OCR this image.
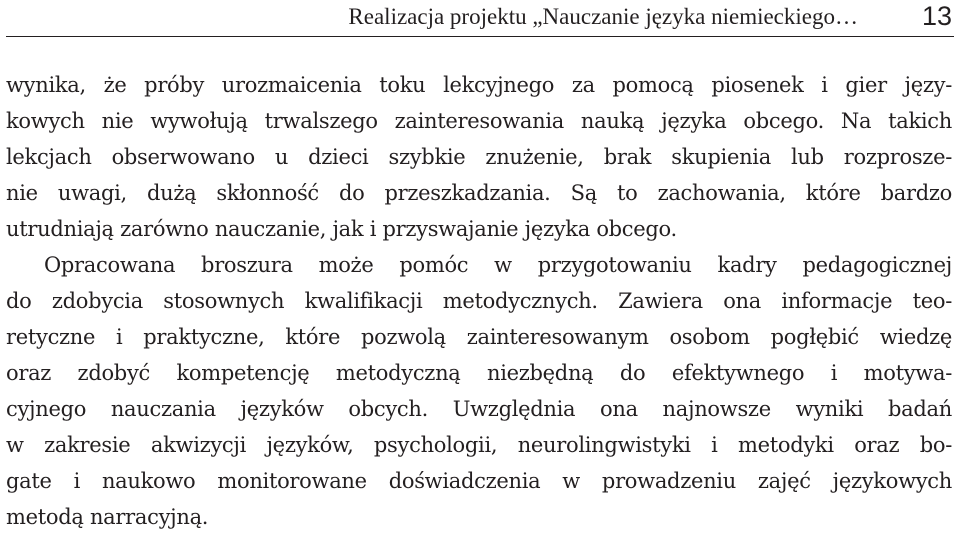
Realizacja projektu „Nauczanie języka niemieckiego… 13
wynika, że próby urozmaicenia toku lekcyjnego za pomocą piosenek i gier języ-
kowych nie wywołują trwalszego zainteresowania nauką języka obcego. Na takich
lekcjach obserwowano u dzieci szybkie znużenie, brak skupienia lub rozprosze-
nie uwagi, dużą skłonność do przeszkadzania. Są to zachowania, które bardzo
utrudniają zarówno nauczanie, jak i przyswajanie języka obcego.
Opracowana broszura może pomóc w przygotowaniu kadry pedagogicznej
do zdobycia stosownych kwalifikacji metodycznych. Zawiera ona informacje teo-
retyczne i praktyczne, które pozwolą zainteresowanym osobom pogłębić wiedzę
oraz zdobyć kompetencję metodyczną niezbędną do efektywnego i motywa-
cyjnego nauczania języków obcych. Uwzględnia ona najnowsze wyniki badań
w zakresie akwizycji języków, psychologii, neurolingwistyki i metodyki oraz bo-
gate i naukowo monitorowane doświadczenia w prowadzeniu zajęć językowych
metodą narracyjną.
